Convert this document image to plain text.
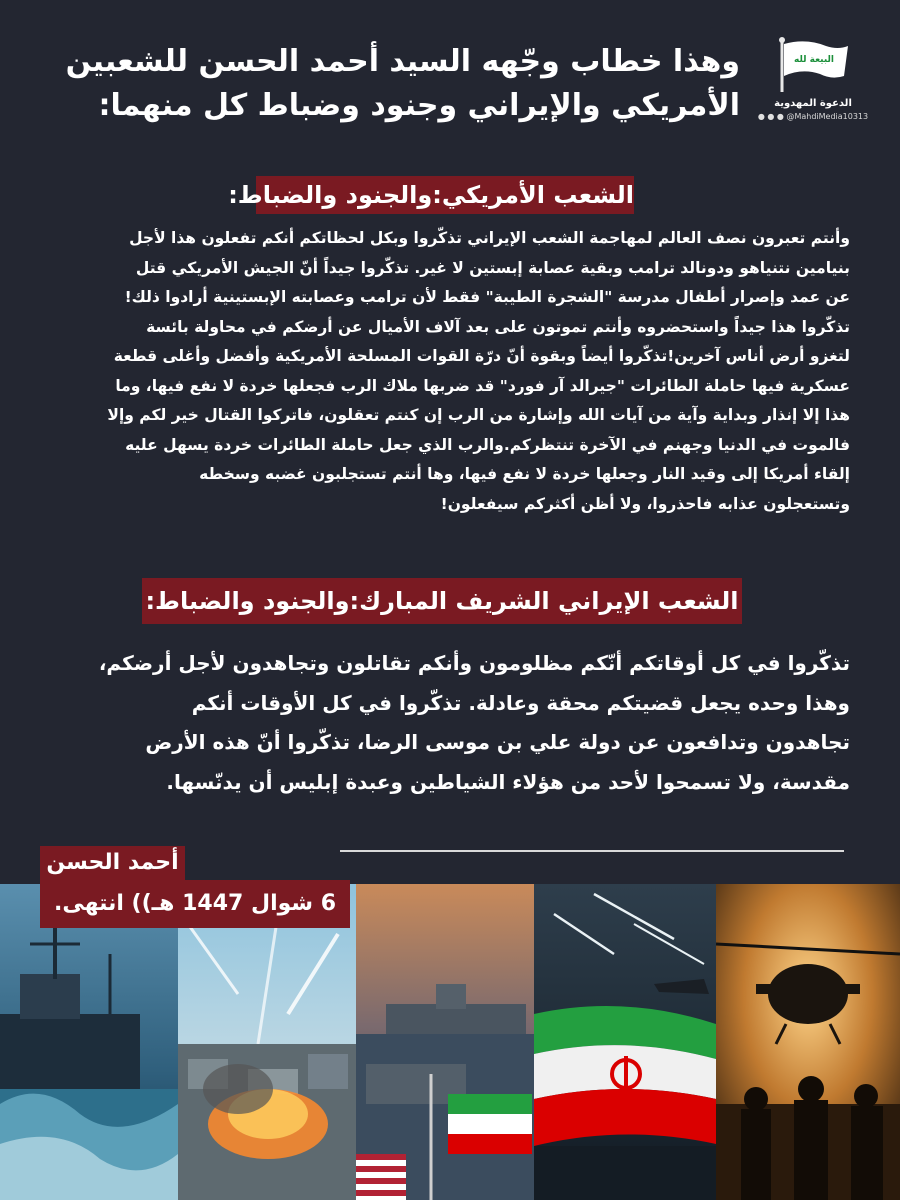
البيعة لله
الدعوة المهدوية
● ● ● @MahdiMedia10313
وهذا خطاب وجّهه السيد أحمد الحسن للشعبين
الأمريكي والإيراني وجنود وضباط كل منهما:
الشعب الأمريكي:والجنود والضباط:
وأنتم تعبرون نصف العالم لمهاجمة الشعب الإيراني تذكّروا وبكل لحظاتكم أنكم تفعلون هذا لأجل
بنيامين نتنياهو ودونالد ترامب وبقية عصابة إبستين لا غير. تذكّروا جيداً أنّ الجيش الأمريكي قتل
عن عمد وإصرار أطفال مدرسة "الشجرة الطيبة" فقط لأن ترامب وعصابته الإبستينية أرادوا ذلك!
تذكّروا هذا جيداً واستحضروه وأنتم تموتون على بعد آلاف الأميال عن أرضكم في محاولة بائسة
لتغزو أرض أناس آخرين!تذكّروا أيضاً وبقوة أنّ درّة القوات المسلحة الأمريكية وأفضل وأغلى قطعة
عسكرية فيها حاملة الطائرات "جيرالد آر فورد" قد ضربها ملاك الرب فجعلها خردة لا نفع فيها، وما
هذا إلا إنذار وبداية وآية من آيات الله وإشارة من الرب إن كنتم تعقلون، فاتركوا القتال خير لكم وإلا
فالموت في الدنيا وجهنم في الآخرة تنتظركم.والرب الذي جعل حاملة الطائرات خردة يسهل عليه
إلقاء أمريكا إلى وقيد النار وجعلها خردة لا نفع فيها، وها أنتم تستجلبون غضبه وسخطه
وتستعجلون عذابه فاحذروا، ولا أظن أكثركم سيفعلون!
الشعب الإيراني الشريف المبارك:والجنود والضباط:
تذكّروا في كل أوقاتكم أنّكم مظلومون وأنكم تقاتلون وتجاهدون لأجل أرضكم،
وهذا وحده يجعل قضيتكم محقة وعادلة. تذكّروا في كل الأوقات أنكم
تجاهدون وتدافعون عن دولة علي بن موسى الرضا، تذكّروا أنّ هذه الأرض
مقدسة، ولا تسمحوا لأحد من هؤلاء الشياطين وعبدة إبليس أن يدنّسها.
أحمد الحسن
6 شوال 1447 هـ)) انتهى.
